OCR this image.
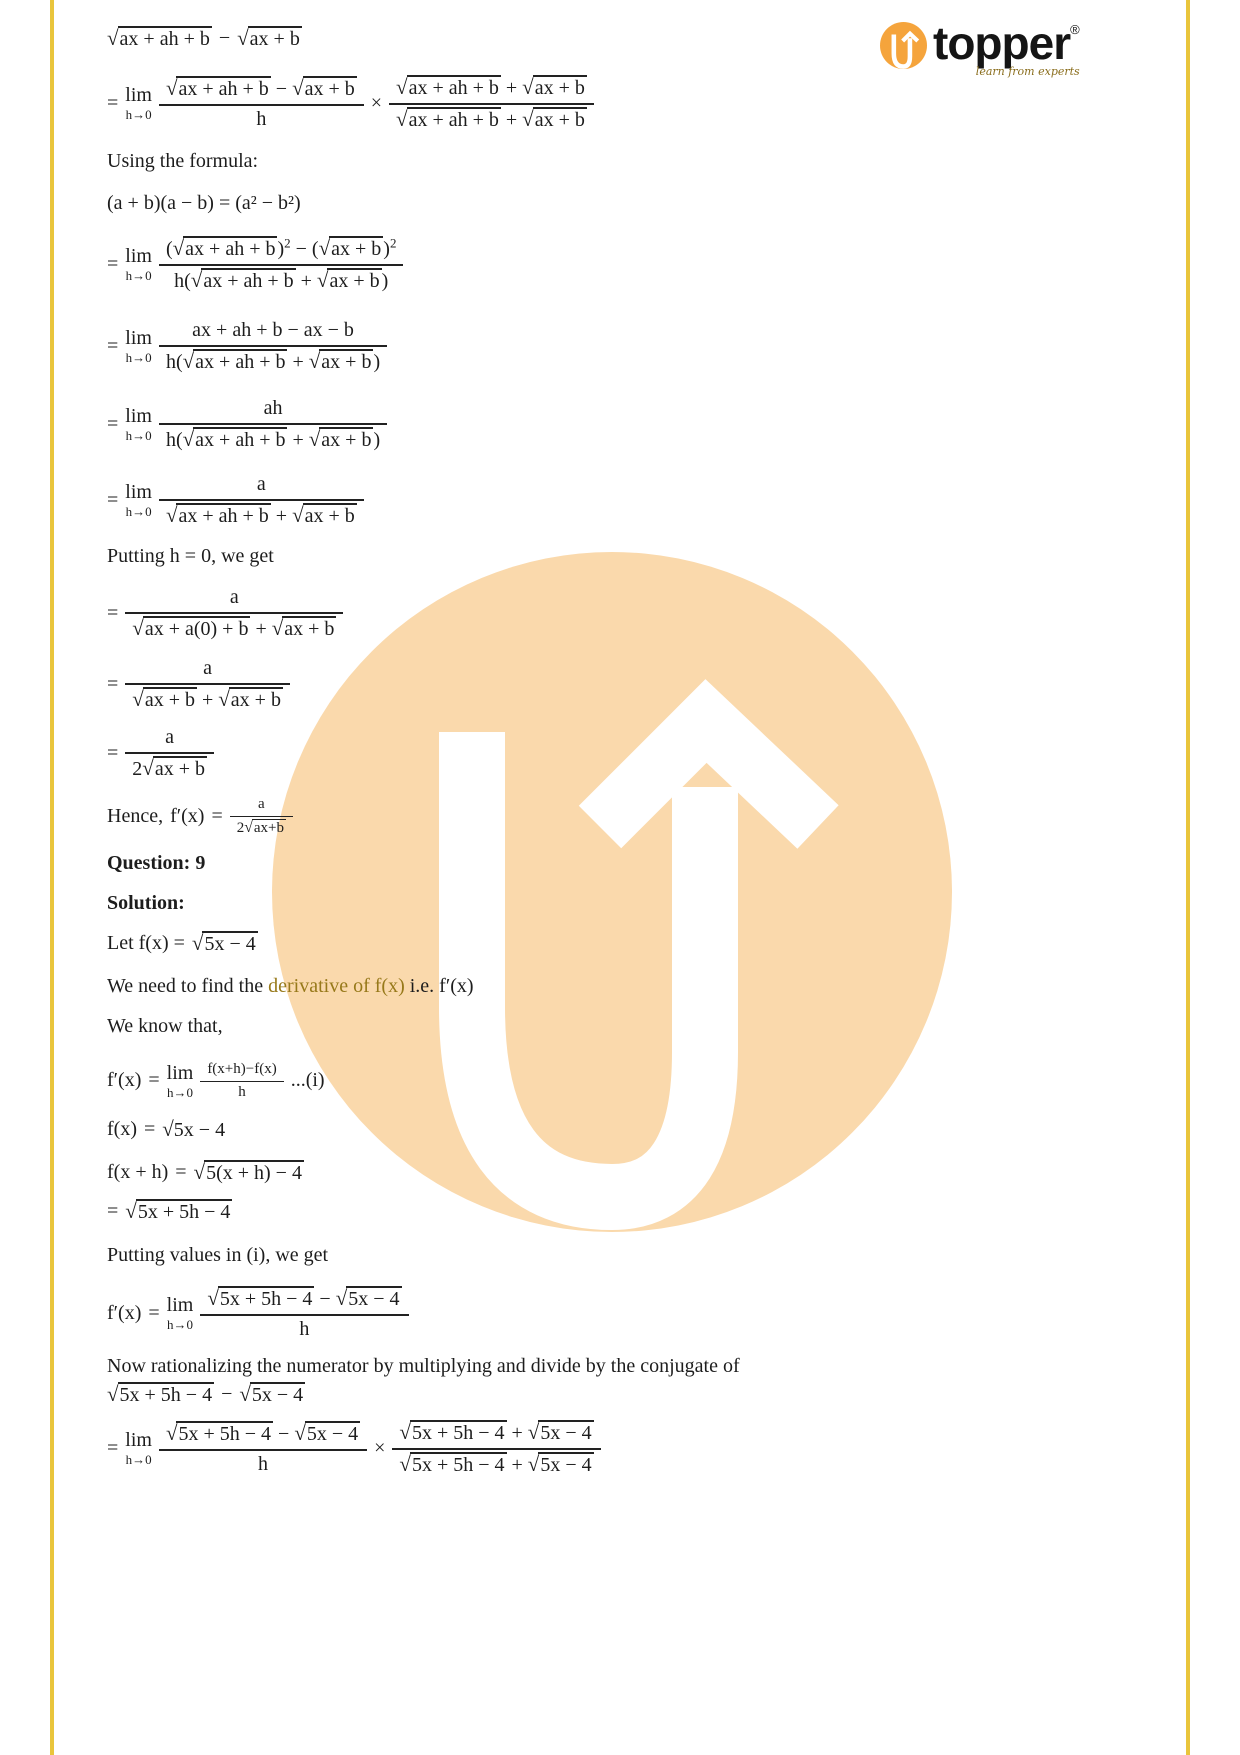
topper ®
learn from experts
√ax + ah + b − √ax + b
= lim
$h\to 0 \frac{√ax + ah + b - √ax + b}{h} \times \frac{√ax + ah + b + √ax + b}{√ax + ah + b + √ax + b}$
Using the formula:
(a + b)(a − b) = (a² − b²)
= lim
$h\to 0 \frac{(√ax + ah + b )^2 - (√ax + b )^2}{h(√ax + ah + b + √ax + b )}$
= lim
$h\to 0 \frac{ax + ah + b - ax - b}{h(√ax + ah + b + √ax + b )}$
= lim
$h\to 0 \frac{ah}{h(√ax + ah + b + √ax + b )}$
= lim
$h\to 0 \frac{a}{√ax + ah + b + √ax + b}$
Putting h = 0, we get
= $\frac{a}{√ax + a(0) + b + √ax + b}$
= $\frac{a}{√ax + b + √ax + b}$
= $\frac{a}{2√ax + b}$
Hence, $f'(x) = \frac{a}{2√ax+b}$
Question: 9
Solution:
Let f(x) = √5x − 4
We need to find the derivative of f(x) i.e. f′(x)
We know that,
f′(x) = lim
$h\to 0 \frac{f(x+h)-f(x)}{h} ...(i)$
f(x) = √5x − 4
f(x + h) = √5(x + h) − 4
= √5x + 5h − 4
Putting values in (i), we get
f′(x) = lim
$h\to 0 \frac{√5x + 5h - 4 - √5x - 4}{h}$
Now rationalizing the numerator by multiplying and divide by the conjugate of
√5x + 5h − 4 − √5x − 4
= lim
$h\to 0 \frac{√5x + 5h - 4 - √5x - 4}{h} \times \frac{√5x + 5h - 4 + √5x - 4}{√5x + 5h - 4 + √5x - 4}$
